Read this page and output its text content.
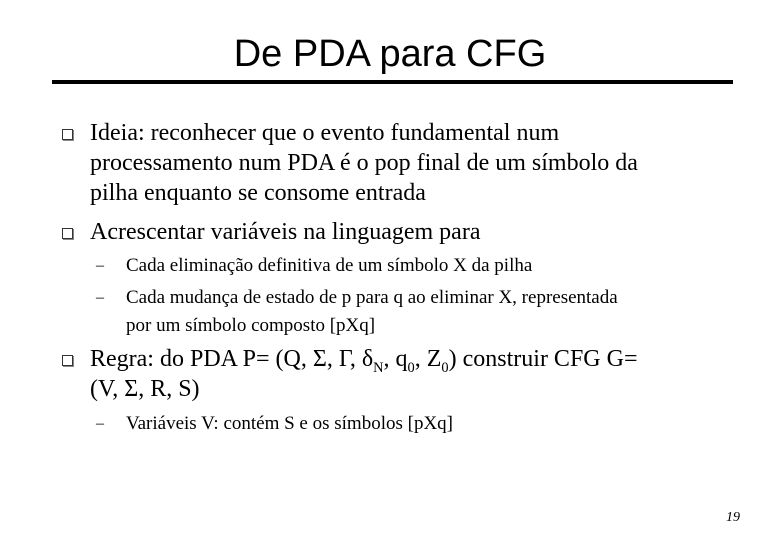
De PDA para CFG
Ideia: reconhecer que o evento fundamental num
processamento num PDA é o pop final de um símbolo da
pilha enquanto se consome entrada
Acrescentar variáveis na linguagem para
– Cada eliminação definitiva de um símbolo X da pilha
– Cada mudança de estado de p para q ao eliminar X, representada
por um símbolo composto [pXq]
Regra: do PDA P= (Q, Σ, Γ, $\delta_N$, $q_0$, $Z_0$) construir CFG G=
(V, Σ, R, S)
– Variáveis V: contém S e os símbolos [pXq]
19
